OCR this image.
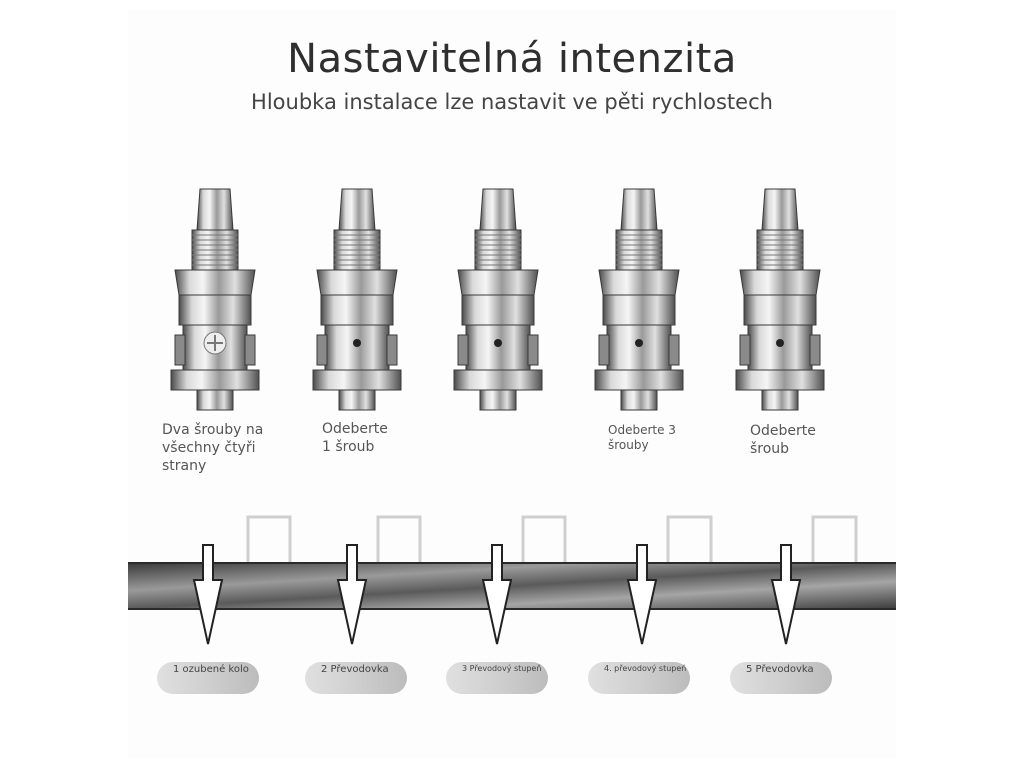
Nastavitelná intenzita
Hloubka instalace lze nastavit ve pěti rychlostech
Dva šrouby na všechny čtyři strany
Odeberte 1 šroub
Odeberte 3 šrouby
Odeberte šroub
1 ozubené kolo	2 Převodovka	3 Převodový stupeň	4. převodový stupeň	5 Převodovka
